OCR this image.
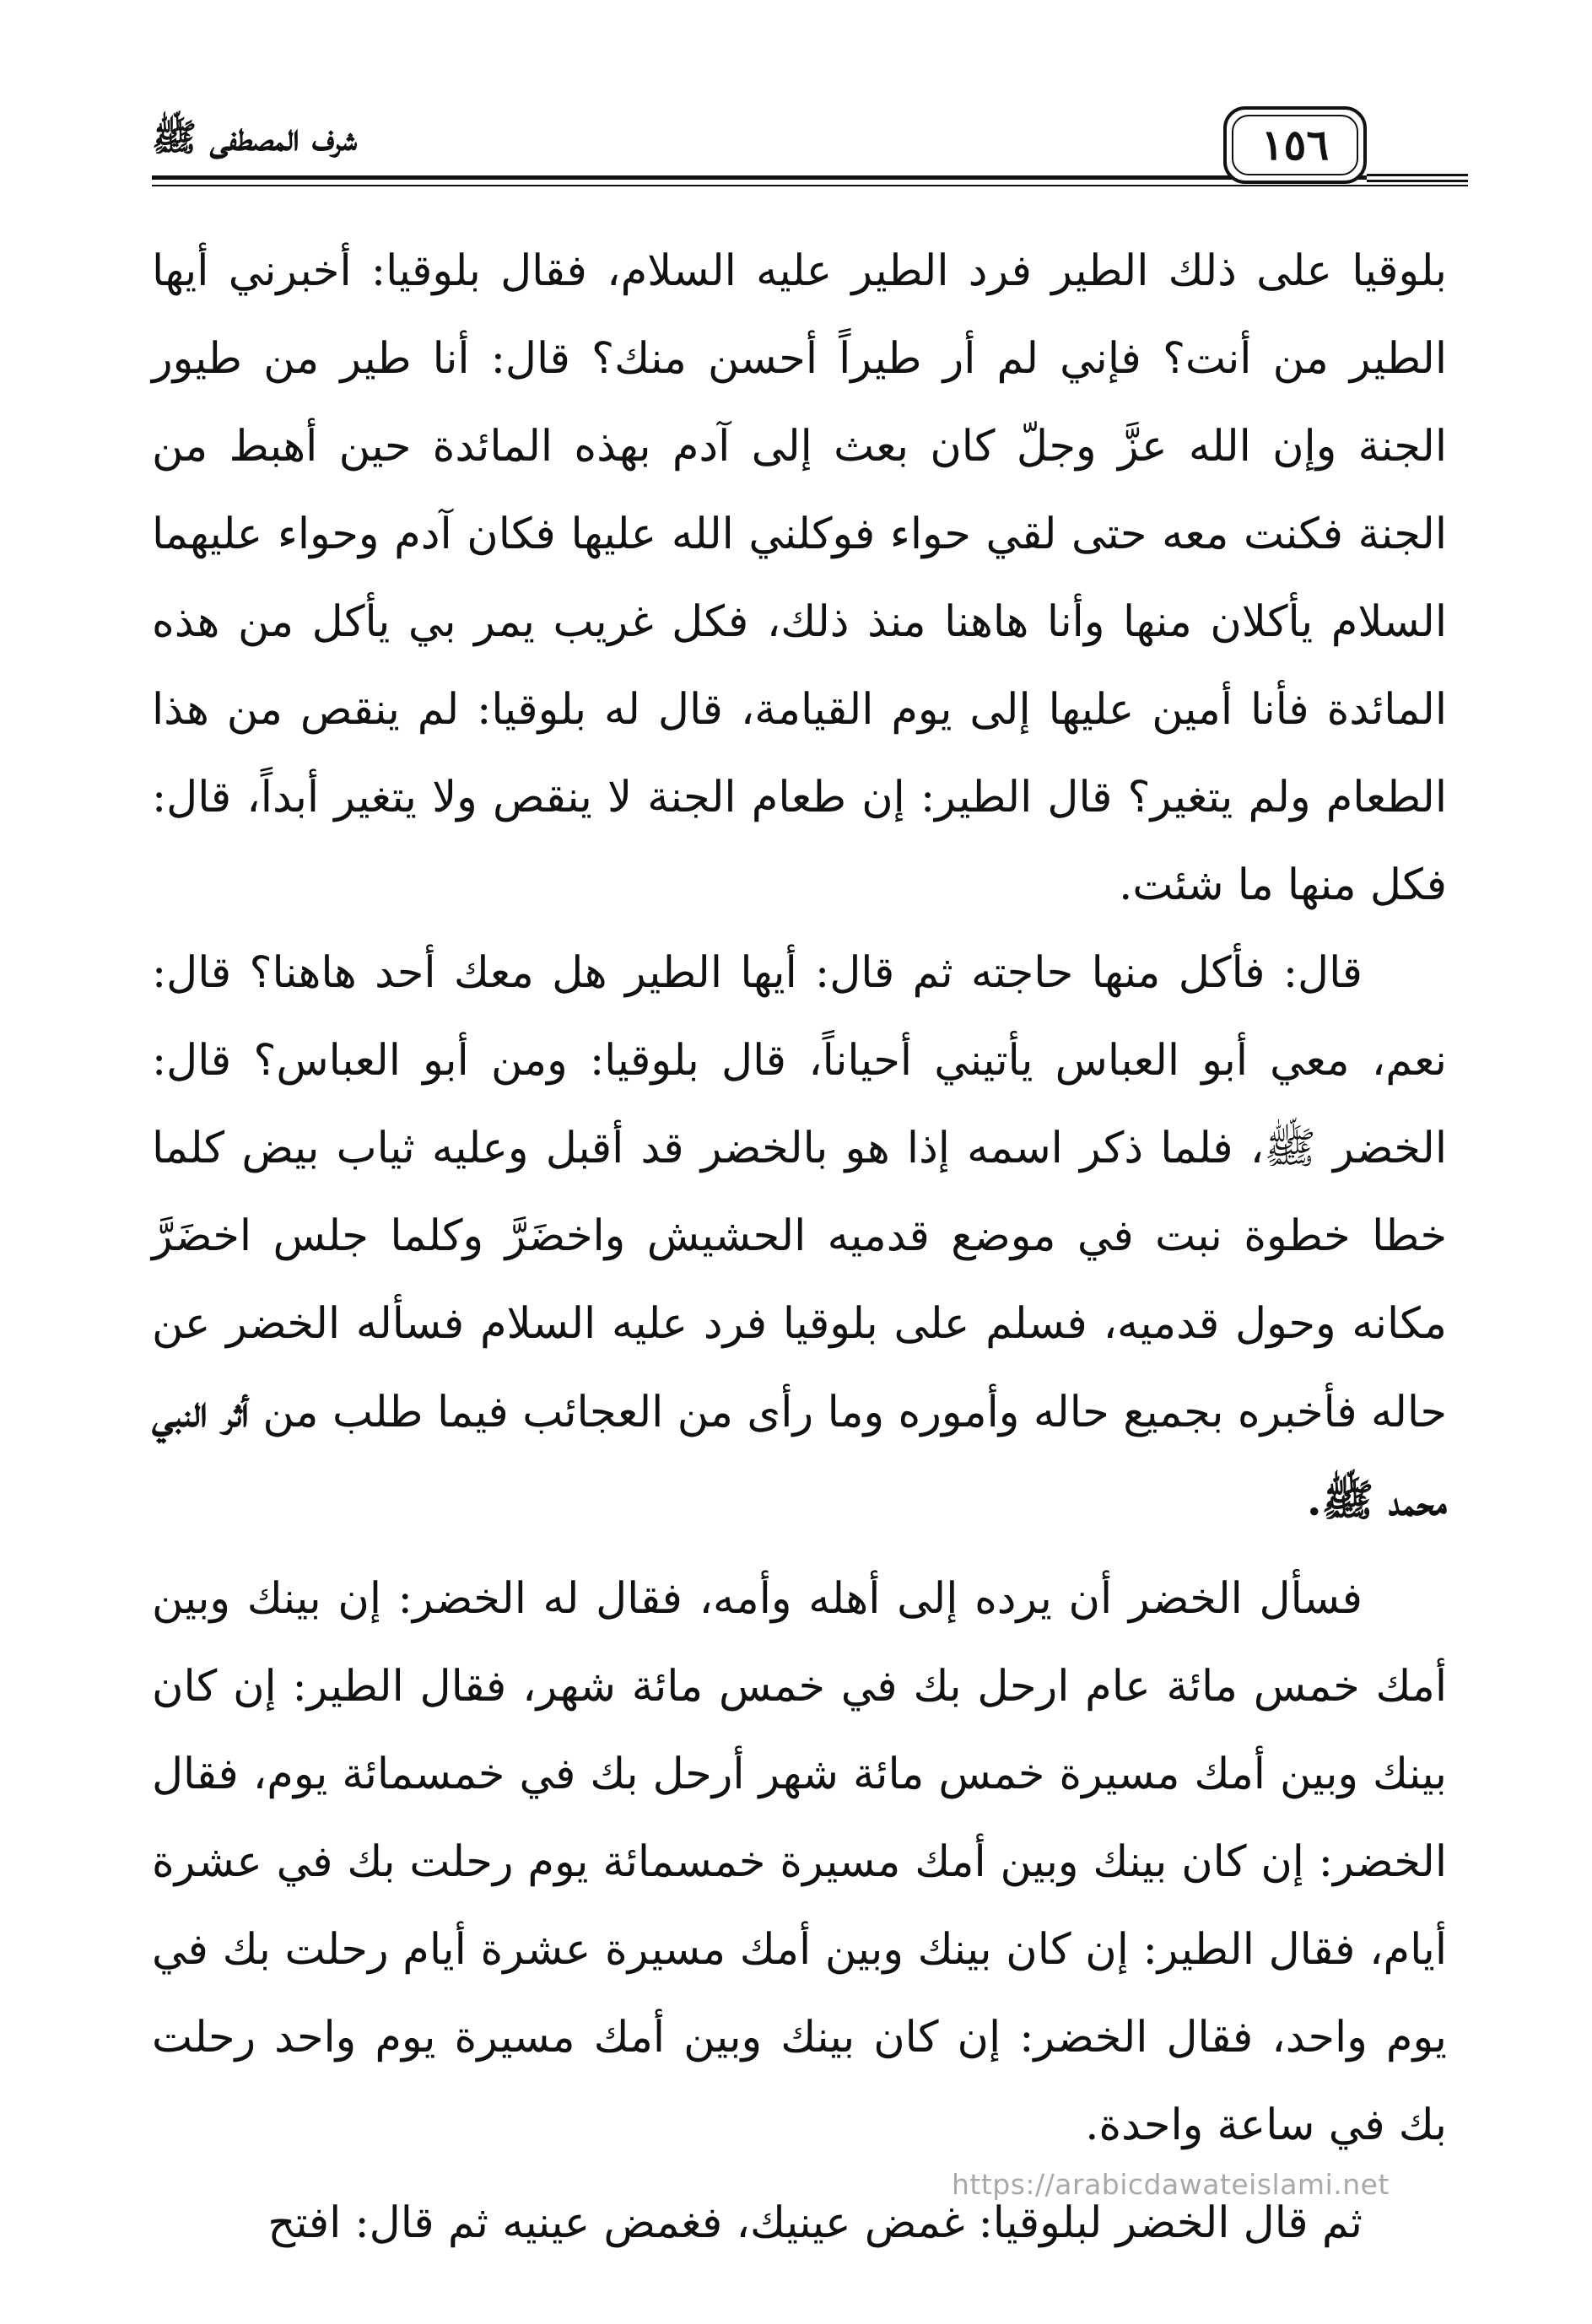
شرف المصطفى ﷺ	١٥٦

بلوقيا على ذلك الطير فرد الطير عليه السلام، فقال بلوقيا: أخبرني أيها الطير من أنت؟ فإني لم أر طيراً أحسن منك؟ قال: أنا طير من طيور الجنة وإن الله عزَّ وجلّ كان بعث إلى آدم بهذه المائدة حين أهبط من الجنة فكنت معه حتى لقي حواء فوكلني الله عليها فكان آدم وحواء عليهما السلام يأكلان منها وأنا هاهنا منذ ذلك، فكل غريب يمر بي يأكل من هذه المائدة فأنا أمين عليها إلى يوم القيامة، قال له بلوقيا: لم ينقص من هذا الطعام ولم يتغير؟ قال الطير: إن طعام الجنة لا ينقص ولا يتغير أبداً، قال: فكل منها ما شئت.

قال: فأكل منها حاجته ثم قال: أيها الطير هل معك أحد هاهنا؟ قال: نعم، معي أبو العباس يأتيني أحياناً، قال بلوقيا: ومن أبو العباس؟ قال: الخضر ﷺ، فلما ذكر اسمه إذا هو بالخضر قد أقبل وعليه ثياب بيض كلما خطا خطوة نبت في موضع قدميه الحشيش واخضَرَّ وكلما جلس اخضَرَّ مكانه وحول قدميه، فسلم على بلوقيا فرد عليه السلام فسأله الخضر عن حاله فأخبره بجميع حاله وأموره وما رأى من العجائب فيما طلب من أثر النبي محمد ﷺ.

فسأل الخضر أن يرده إلى أهله وأمه، فقال له الخضر: إن بينك وبين أمك خمس مائة عام ارحل بك في خمس مائة شهر، فقال الطير: إن كان بينك وبين أمك مسيرة خمس مائة شهر أرحل بك في خمسمائة يوم، فقال الخضر: إن كان بينك وبين أمك مسيرة خمسمائة يوم رحلت بك في عشرة أيام، فقال الطير: إن كان بينك وبين أمك مسيرة عشرة أيام رحلت بك في يوم واحد، فقال الخضر: إن كان بينك وبين أمك مسيرة يوم واحد رحلت بك في ساعة واحدة.

ثم قال الخضر لبلوقيا: غمض عينيك، فغمض عينيه ثم قال: افتح

https://arabicdawateislami.net
